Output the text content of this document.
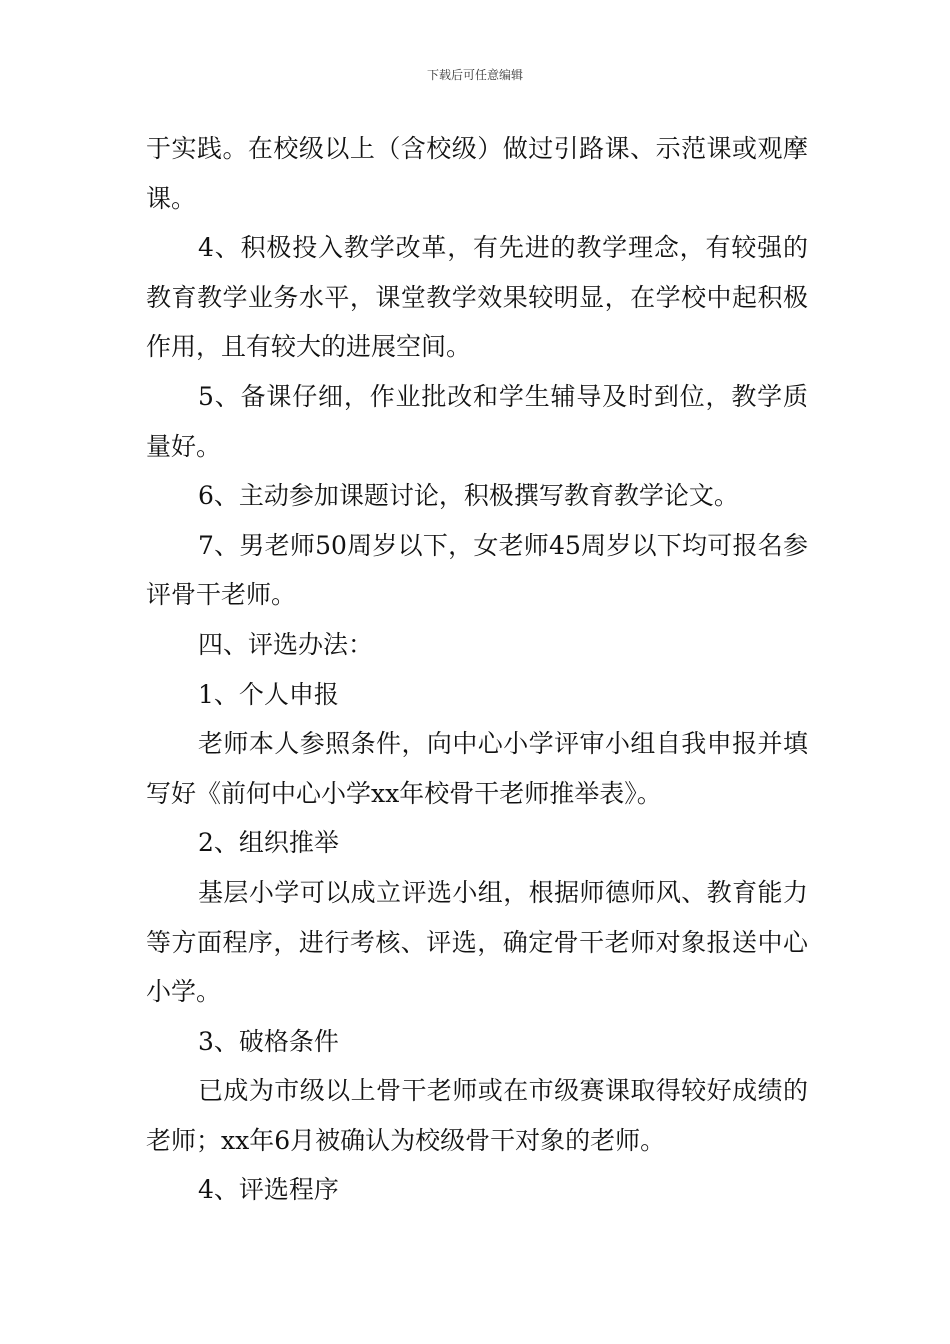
下载后可任意编辑

于实践。在校级以上（含校级）做过引路课、示范课或观摩课。

4、积极投入教学改革，有先进的教学理念，有较强的教育教学业务水平，课堂教学效果较明显，在学校中起积极作用，且有较大的进展空间。

5、备课仔细，作业批改和学生辅导及时到位，教学质量好。

6、主动参加课题讨论，积极撰写教育教学论文。

7、男老师50周岁以下，女老师45周岁以下均可报名参评骨干老师。

四、评选办法：

1、个人申报

老师本人参照条件，向中心小学评审小组自我申报并填写好《前何中心小学xx年校骨干老师推举表》。

2、组织推举

基层小学可以成立评选小组，根据师德师风、教育能力等方面程序，进行考核、评选，确定骨干老师对象报送中心小学。

3、破格条件

已成为市级以上骨干老师或在市级赛课取得较好成绩的老师；xx年6月被确认为校级骨干对象的老师。

4、评选程序
